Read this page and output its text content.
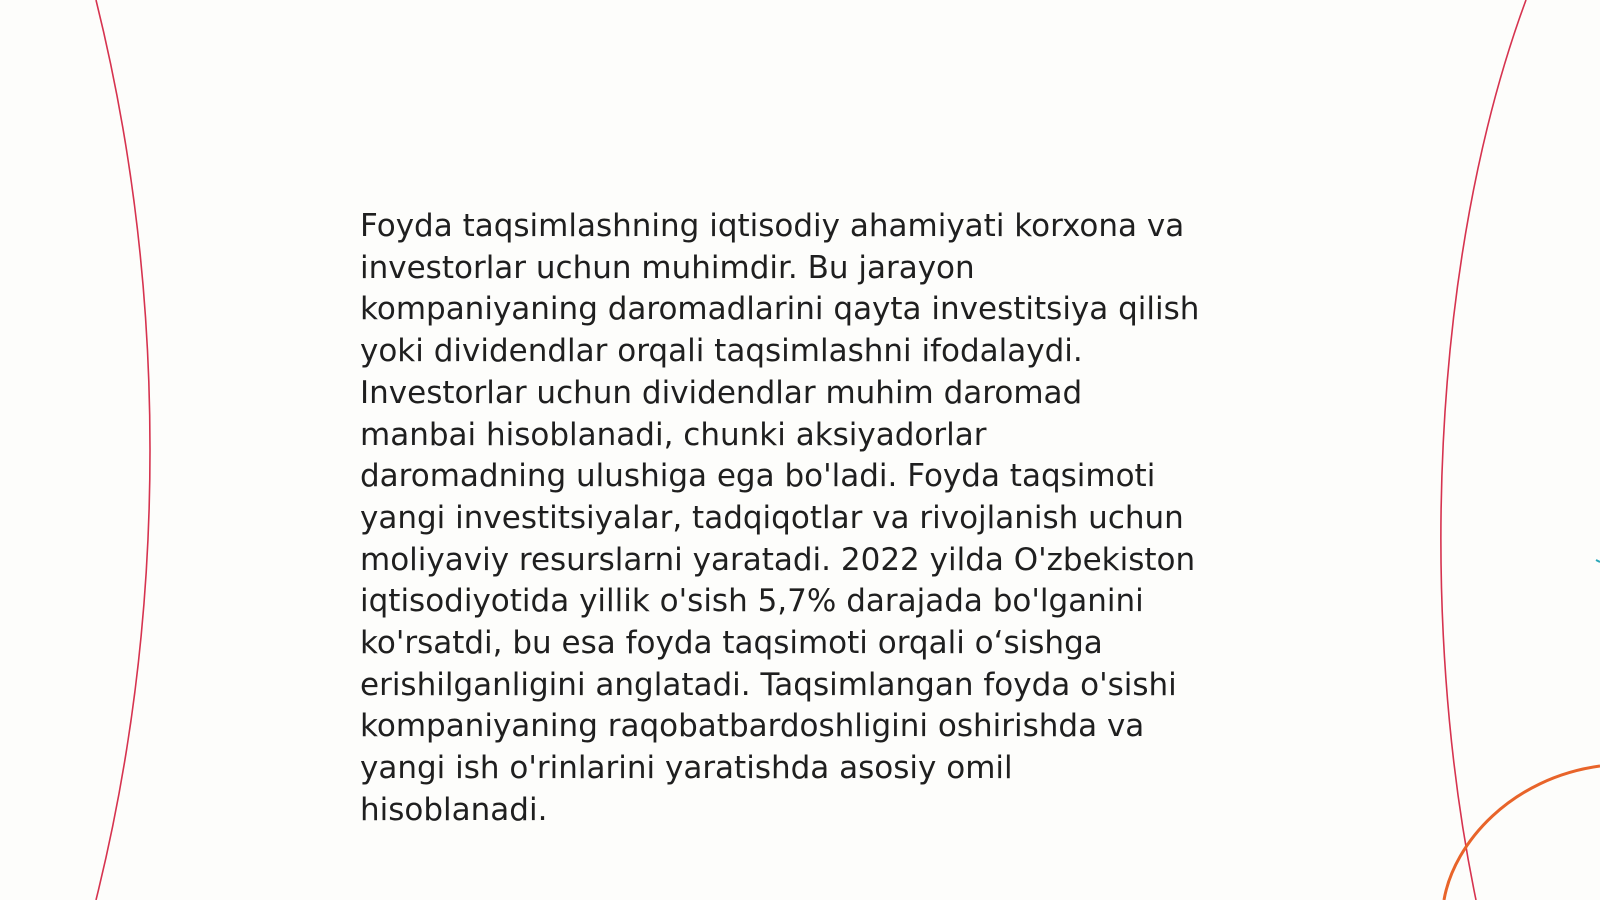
Foyda taqsimlashning iqtisodiy ahamiyati korxona va
investorlar uchun muhimdir. Bu jarayon
kompaniyaning daromadlarini qayta investitsiya qilish
yoki dividendlar orqali taqsimlashni ifodalaydi.
Investorlar uchun dividendlar muhim daromad
manbai hisoblanadi, chunki aksiyadorlar
daromadning ulushiga ega bo'ladi. Foyda taqsimoti
yangi investitsiyalar, tadqiqotlar va rivojlanish uchun
moliyaviy resurslarni yaratadi. 2022 yilda O'zbekiston
iqtisodiyotida yillik o'sish 5,7% darajada bo'lganini
ko'rsatdi, bu esa foyda taqsimoti orqali o‘sishga
erishilganligini anglatadi. Taqsimlangan foyda o'sishi
kompaniyaning raqobatbardoshligini oshirishda va
yangi ish o'rinlarini yaratishda asosiy omil
hisoblanadi.
